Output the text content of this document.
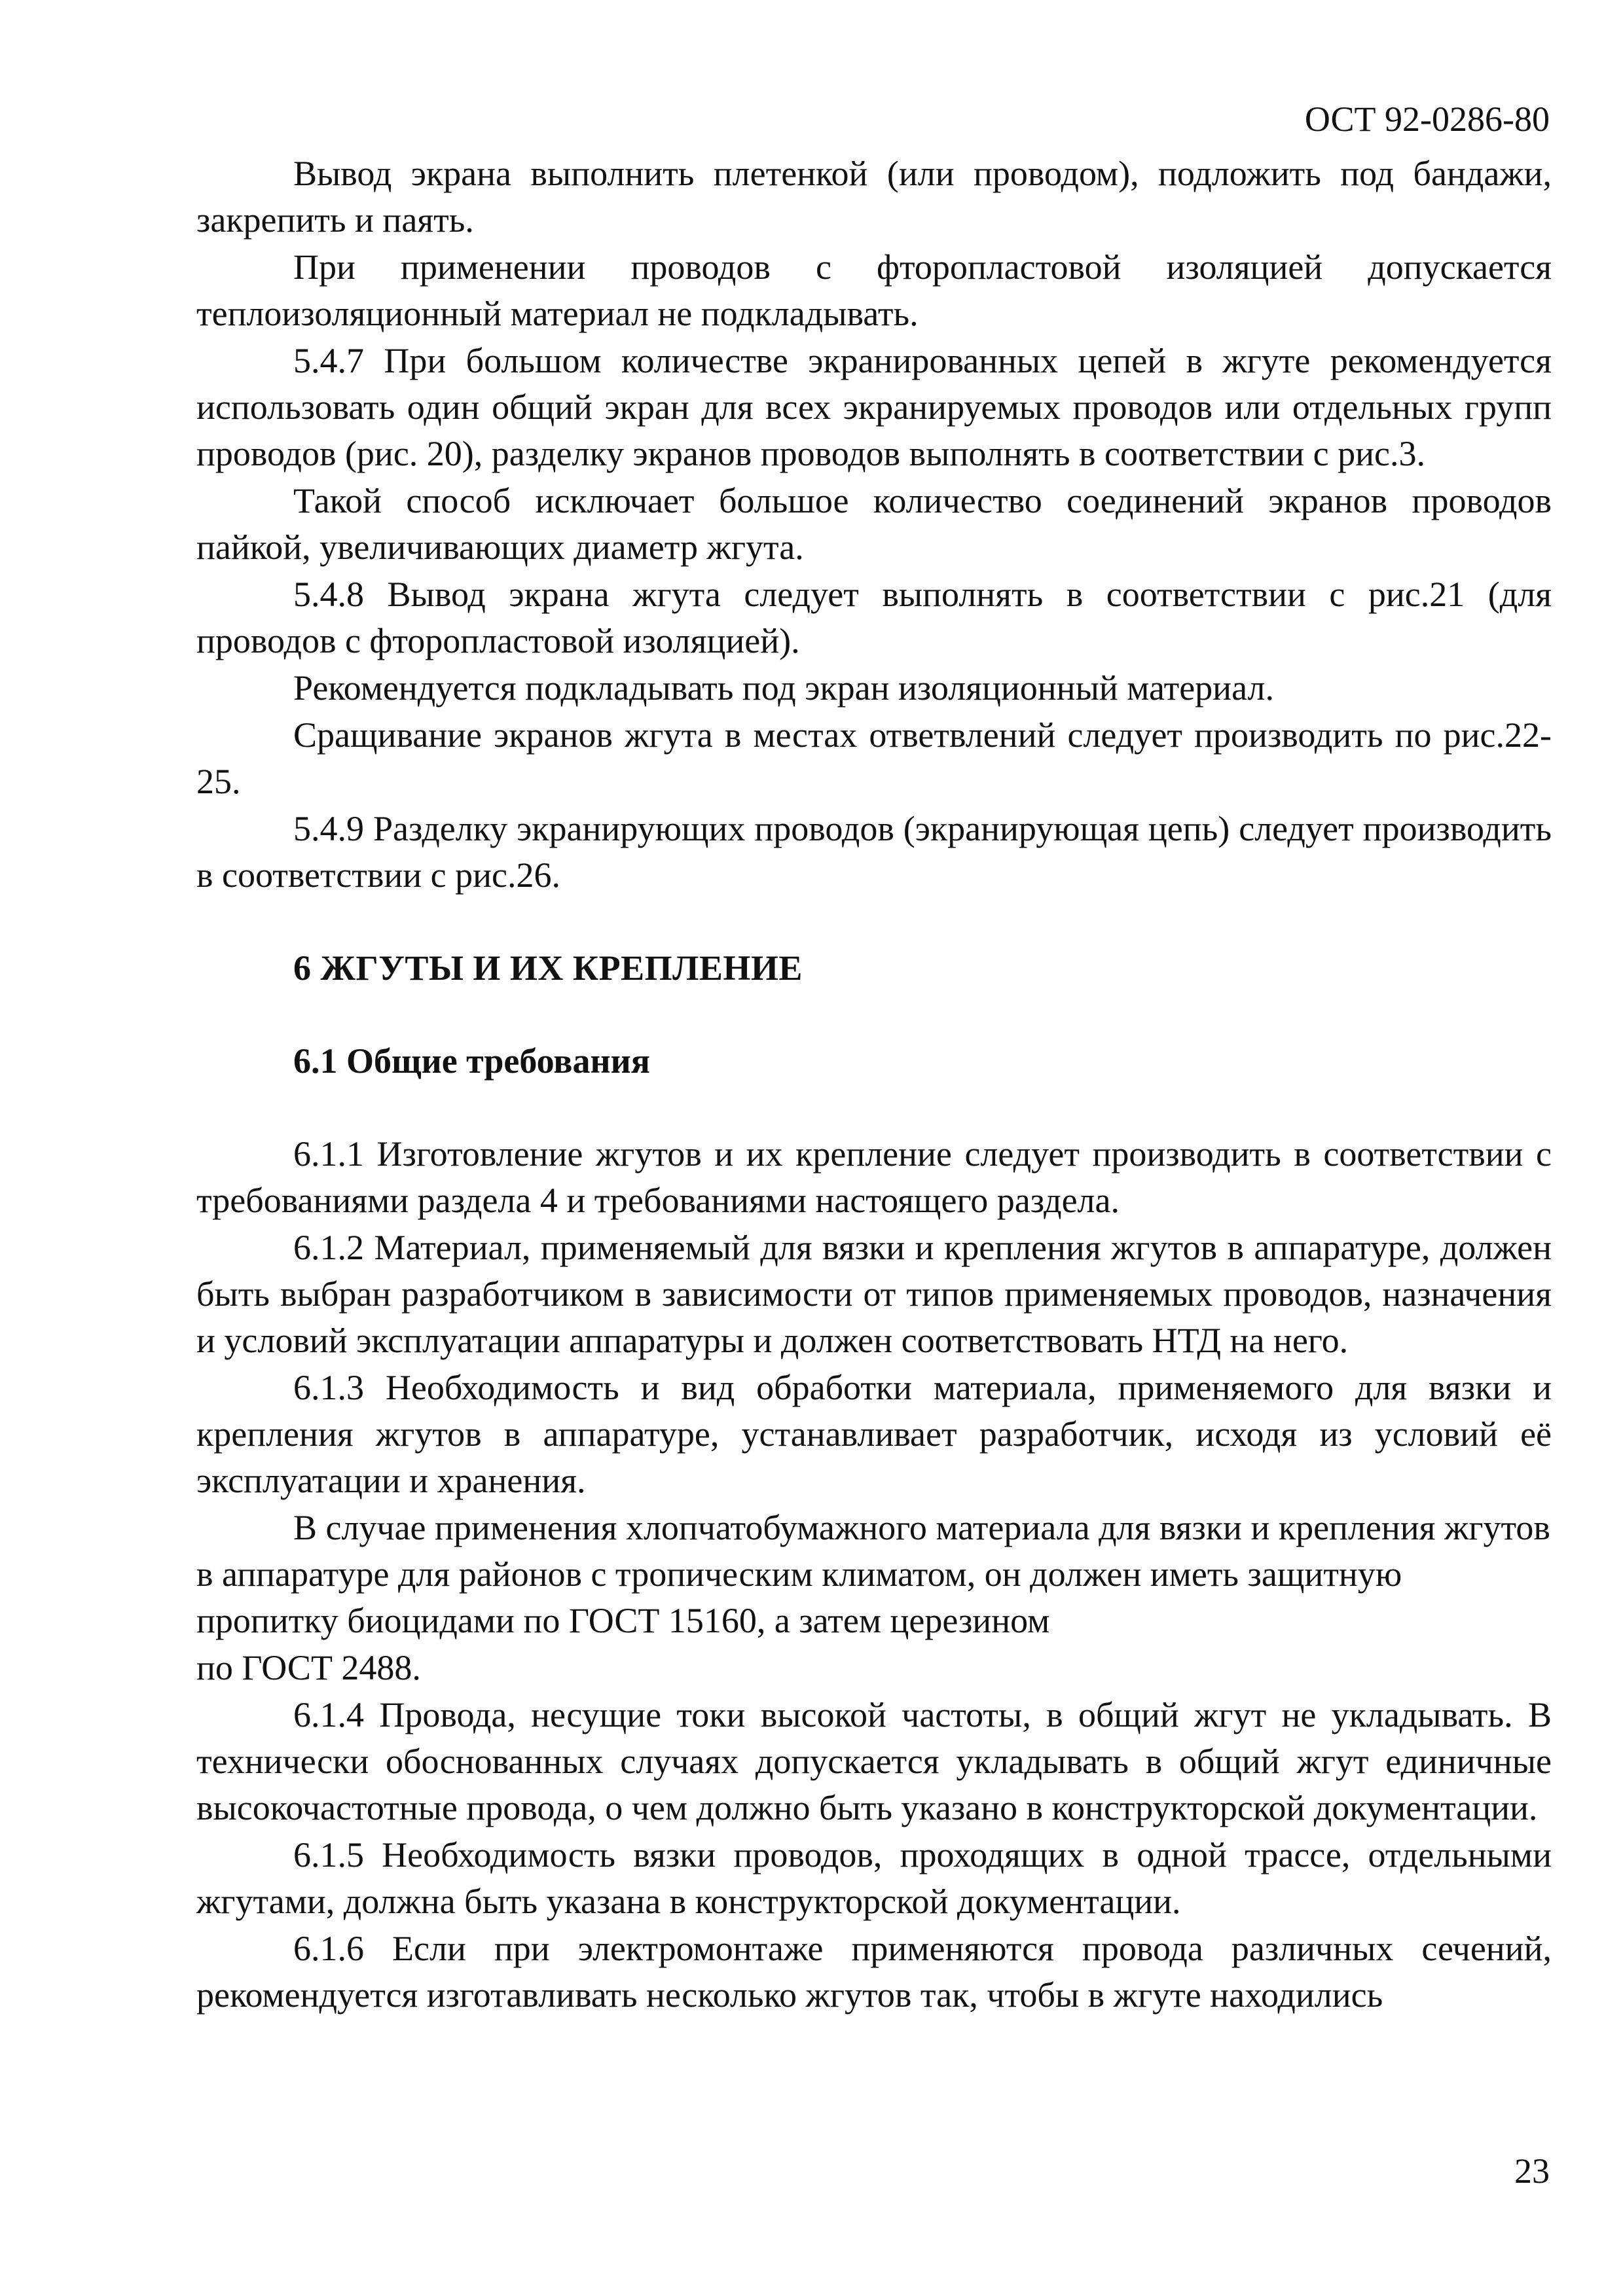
ОСТ 92-0286-80

Вывод экрана выполнить плетенкой (или проводом), подложить под бандажи, закрепить и паять.

При применении проводов с фторопластовой изоляцией допускается теплоизоляционный материал не подкладывать.

5.4.7 При большом количестве экранированных цепей в жгуте рекомендуется использовать один общий экран для всех экранируемых проводов или отдельных групп проводов (рис. 20), разделку экранов проводов выполнять в соответствии с рис.3.

Такой способ исключает большое количество соединений экранов проводов пайкой, увеличивающих диаметр жгута.

5.4.8 Вывод экрана жгута следует выполнять в соответствии с рис.21 (для проводов с фторопластовой изоляцией).

Рекомендуется подкладывать под экран изоляционный материал.

Сращивание экранов жгута в местах ответвлений следует производить по рис.22-25.

5.4.9 Разделку экранирующих проводов (экранирующая цепь) следует производить в соответствии с рис.26.

6 ЖГУТЫ И ИХ КРЕПЛЕНИЕ
6.1 Общие требования

6.1.1 Изготовление жгутов и их крепление следует производить в соответствии с требованиями раздела 4 и требованиями настоящего раздела.

6.1.2 Материал, применяемый для вязки и крепления жгутов в аппаратуре, должен быть выбран разработчиком в зависимости от типов применяемых проводов, назначения и условий эксплуатации аппаратуры и должен соответствовать НТД на него.

6.1.3 Необходимость и вид обработки материала, применяемого для вязки и крепления жгутов в аппаратуре, устанавливает разработчик, исходя из условий её эксплуатации и хранения.

В случае применения хлопчатобумажного материала для вязки и крепления жгутов в аппаратуре для районов с тропическим климатом, он должен иметь защитную пропитку биоцидами по ГОСТ 15160, а затем церезином

по ГОСТ 2488.

6.1.4 Провода, несущие токи высокой частоты, в общий жгут не укладывать. В технически обоснованных случаях допускается укладывать в общий жгут единичные высокочастотные провода, о чем должно быть указано в конструкторской документации.

6.1.5 Необходимость вязки проводов, проходящих в одной трассе, отдельными жгутами, должна быть указана в конструкторской документации.

6.1.6 Если при электромонтаже применяются провода различных сечений, рекомендуется изготавливать несколько жгутов так, чтобы в жгуте находились

23
